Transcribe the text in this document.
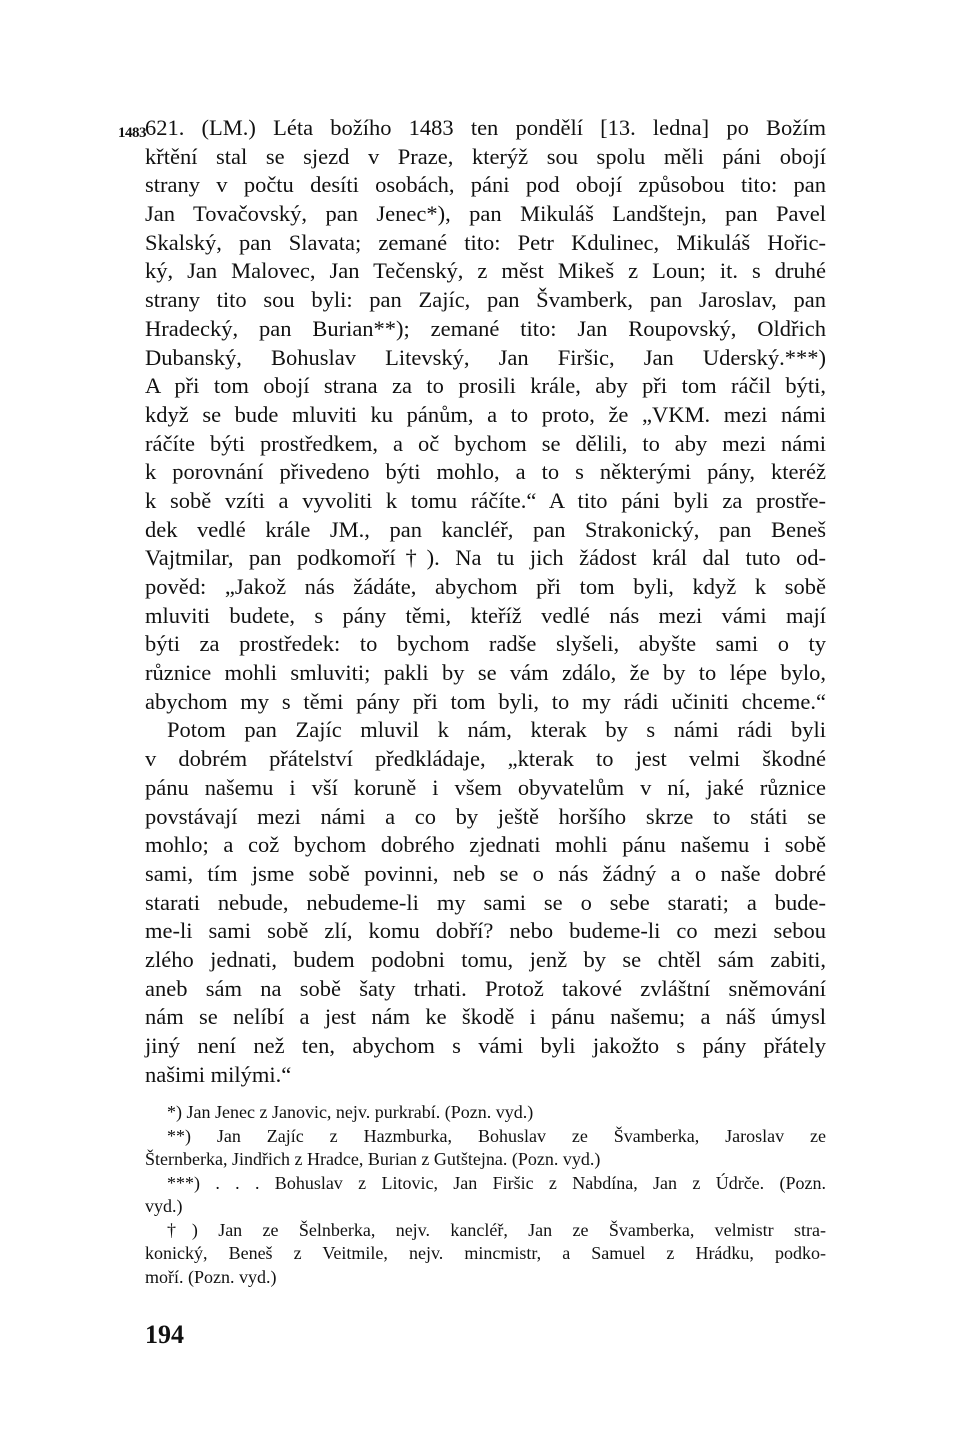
1483 621. (LM.) Léta božího 1483 ten pondělí [13. ledna] po Božím
křtění stal se sjezd v Praze, kterýž sou spolu měli páni obojí
strany v počtu desíti osobách, páni pod obojí způsobou tito: pan
Jan Tovačovský, pan Jenec*), pan Mikuláš Landštejn, pan Pavel
Skalský, pan Slavata; zemané tito: Petr Kdulinec, Mikuláš Hořic-
ký, Jan Malovec, Jan Tečenský, z měst Mikeš z Loun; it. s druhé
strany tito sou byli: pan Zajíc, pan Švamberk, pan Jaroslav, pan
Hradecký, pan Burian**); zemané tito: Jan Roupovský, Oldřich
Dubanský, Bohuslav Litevský, Jan Firšic, Jan Uderský.***)
A při tom obojí strana za to prosili krále, aby při tom ráčil býti,
když se bude mluviti ku pánům, a to proto, že „VKM. mezi námi
ráčíte býti prostředkem, a oč bychom se dělili, to aby mezi námi
k porovnání přivedeno býti mohlo, a to s některými pány, kteréž
k sobě vzíti a vyvoliti k tomu ráčíte.“ A tito páni byli za prostře-
dek vedlé krále JM., pan kancléř, pan Strakonický, pan Beneš
Vajtmilar, pan podkomoří†). Na tu jich žádost král dal tuto od-
pověd: „Jakož nás žádáte, abychom při tom byli, když k sobě
mluviti budete, s pány těmi, kteříž vedlé nás mezi vámi mají
býti za prostředek: to bychom radše slyšeli, abyšte sami o ty
různice mohli smluviti; pakli by se vám zdálo, že by to lépe bylo,
abychom my s těmi pány při tom byli, to my rádi učiniti chceme.“
Potom pan Zajíc mluvil k nám, kterak by s námi rádi byli
v dobrém přátelství předkládaje, „kterak to jest velmi škodné
pánu našemu i vší koruně i všem obyvatelům v ní, jaké různice
povstávají mezi námi a co by ještě horšího skrze to státi se
mohlo; a což bychom dobrého zjednati mohli pánu našemu i sobě
sami, tím jsme sobě povinni, neb se o nás žádný a o naše dobré
starati nebude, nebudeme-li my sami se o sebe starati; a bude-
me-li sami sobě zlí, komu dobří? nebo budeme-li co mezi sebou
zlého jednati, budem podobni tomu, jenž by se chtěl sám zabiti,
aneb sám na sobě šaty trhati. Protož takové zvláštní sněmování
nám se nelíbí a jest nám ke škodě i pánu našemu; a náš úmysl
jiný není než ten, abychom s vámi byli jakožto s pány přátely
našimi milými.“
*) Jan Jenec z Janovic, nejv. purkrabí. (Pozn. vyd.)
**) Jan Zajíc z Hazmburka, Bohuslav ze Švamberka, Jaroslav ze
Šternberka, Jindřich z Hradce, Burian z Gutštejna. (Pozn. vyd.)
***) . . . Bohuslav z Litovic, Jan Firšic z Nabdína, Jan z Údrče. (Pozn.
vyd.)
†) Jan ze Šelnberka, nejv. kancléř, Jan ze Švamberka, velmistr stra-
konický, Beneš z Veitmile, nejv. mincmistr, a Samuel z Hrádku, podko-
moří. (Pozn. vyd.)
194
